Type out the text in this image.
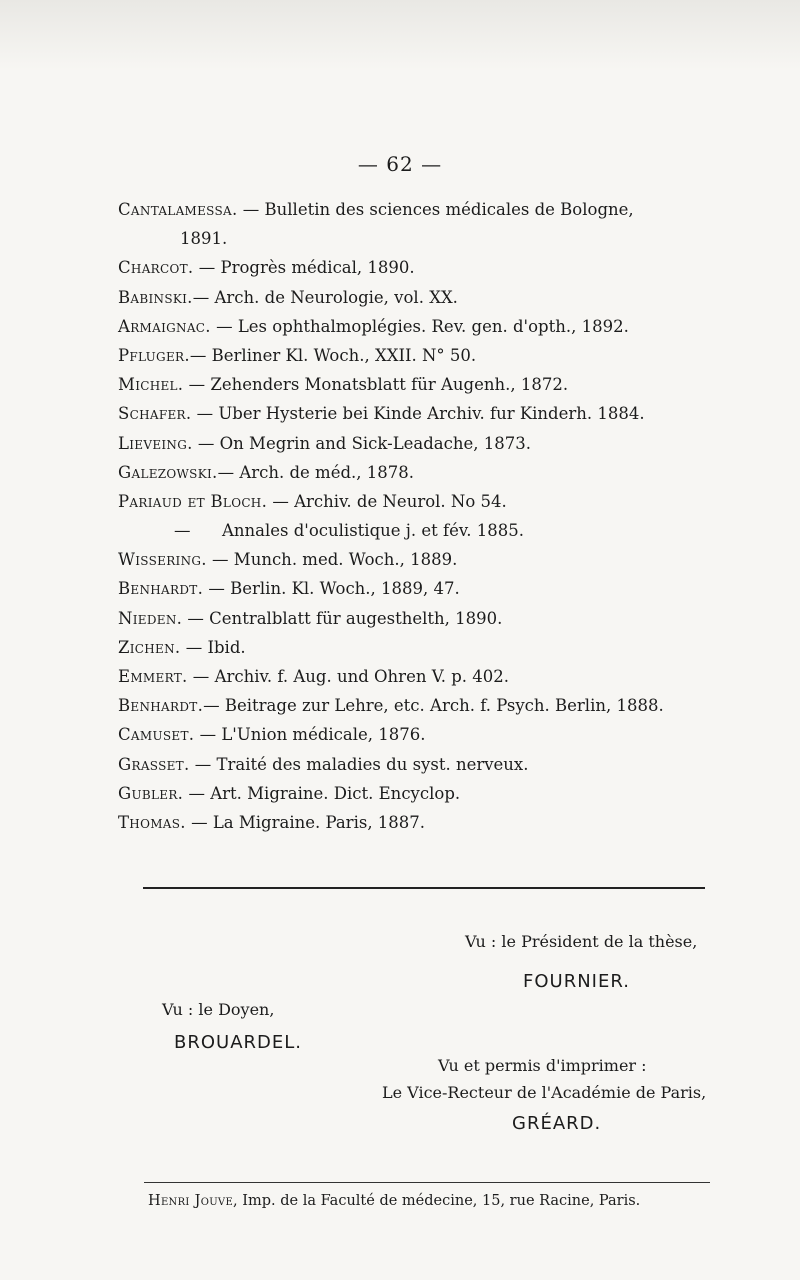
— 62 —
Cantalamessa. — Bulletin des sciences médicales de Bologne,
1891.
Charcot. — Progrès médical, 1890.
Babinski.— Arch. de Neurologie, vol. XX.
Armaignac. — Les ophthalmoplégies. Rev. gen. d'opth., 1892.
Pfluger.— Berliner Kl. Woch., XXII. N° 50.
Michel. — Zehenders Monatsblatt für Augenh., 1872.
Schafer. — Uber Hysterie bei Kinde Archiv. fur Kinderh. 1884.
Lieveing. — On Megrin and Sick-Leadache, 1873.
Galezowski.— Arch. de méd., 1878.
Pariaud et Bloch. — Archiv. de Neurol. No 54.
—      Annales d'oculistique j. et fév. 1885.
Wissering. — Munch. med. Woch., 1889.
Benhardt. — Berlin. Kl. Woch., 1889, 47.
Nieden. — Centralblatt für augesthelth, 1890.
Zichen. — Ibid.
Emmert. — Archiv. f. Aug. und Ohren V. p. 402.
Benhardt.— Beitrage zur Lehre, etc. Arch. f. Psych. Berlin, 1888.
Camuset. — L'Union médicale, 1876.
Grasset. — Traité des maladies du syst. nerveux.
Gubler. — Art. Migraine. Dict. Encyclop.
Thomas. — La Migraine. Paris, 1887.
Vu : le Président de la thèse,
FOURNIER.
Vu : le Doyen,
BROUARDEL.
Vu et permis d'imprimer :
Le Vice-Recteur de l'Académie de Paris,
GRÉARD.
Henri Jouve, Imp. de la Faculté de médecine, 15, rue Racine, Paris.
